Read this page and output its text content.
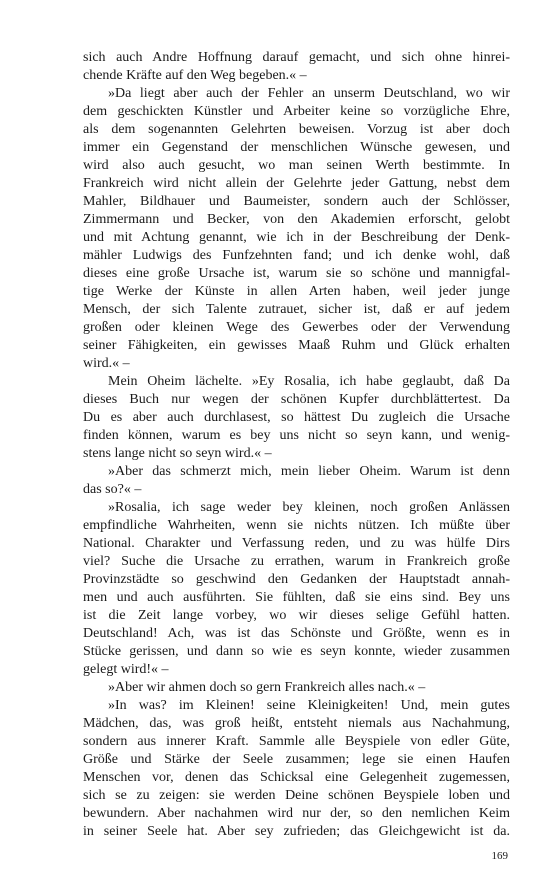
sich auch Andre Hoffnung darauf gemacht, und sich ohne hinrei-
chende Kräfte auf den Weg begeben.« –
»Da liegt aber auch der Fehler an unserm Deutschland, wo wir
dem geschickten Künstler und Arbeiter keine so vorzügliche Ehre,
als dem sogenannten Gelehrten beweisen. Vorzug ist aber doch
immer ein Gegenstand der menschlichen Wünsche gewesen, und
wird also auch gesucht, wo man seinen Werth bestimmte. In
Frankreich wird nicht allein der Gelehrte jeder Gattung, nebst dem
Mahler, Bildhauer und Baumeister, sondern auch der Schlösser,
Zimmermann und Becker, von den Akademien erforscht, gelobt
und mit Achtung genannt, wie ich in der Beschreibung der Denk-
mähler Ludwigs des Funfzehnten fand; und ich denke wohl, daß
dieses eine große Ursache ist, warum sie so schöne und mannigfal-
tige Werke der Künste in allen Arten haben, weil jeder junge
Mensch, der sich Talente zutrauet, sicher ist, daß er auf jedem
großen oder kleinen Wege des Gewerbes oder der Verwendung
seiner Fähigkeiten, ein gewisses Maaß Ruhm und Glück erhalten
wird.« –
Mein Oheim lächelte. »Ey Rosalia, ich habe geglaubt, daß Da
dieses Buch nur wegen der schönen Kupfer durchblättertest. Da
Du es aber auch durchlasest, so hättest Du zugleich die Ursache
finden können, warum es bey uns nicht so seyn kann, und wenig-
stens lange nicht so seyn wird.« –
»Aber das schmerzt mich, mein lieber Oheim. Warum ist denn
das so?« –
»Rosalia, ich sage weder bey kleinen, noch großen Anlässen
empfindliche Wahrheiten, wenn sie nichts nützen. Ich müßte über
National. Charakter und Verfassung reden, und zu was hülfe Dirs
viel? Suche die Ursache zu errathen, warum in Frankreich große
Provinzstädte so geschwind den Gedanken der Hauptstadt annah-
men und auch ausführten. Sie fühlten, daß sie eins sind. Bey uns
ist die Zeit lange vorbey, wo wir dieses selige Gefühl hatten.
Deutschland! Ach, was ist das Schönste und Größte, wenn es in
Stücke gerissen, und dann so wie es seyn konnte, wieder zusammen
gelegt wird!« –
»Aber wir ahmen doch so gern Frankreich alles nach.« –
»In was? im Kleinen! seine Kleinigkeiten! Und, mein gutes
Mädchen, das, was groß heißt, entsteht niemals aus Nachahmung,
sondern aus innerer Kraft. Sammle alle Beyspiele von edler Güte,
Größe und Stärke der Seele zusammen; lege sie einen Haufen
Menschen vor, denen das Schicksal eine Gelegenheit zugemessen,
sich se zu zeigen: sie werden Deine schönen Beyspiele loben und
bewundern. Aber nachahmen wird nur der, so den nemlichen Keim
in seiner Seele hat. Aber sey zufrieden; das Gleichgewicht ist da.
169
